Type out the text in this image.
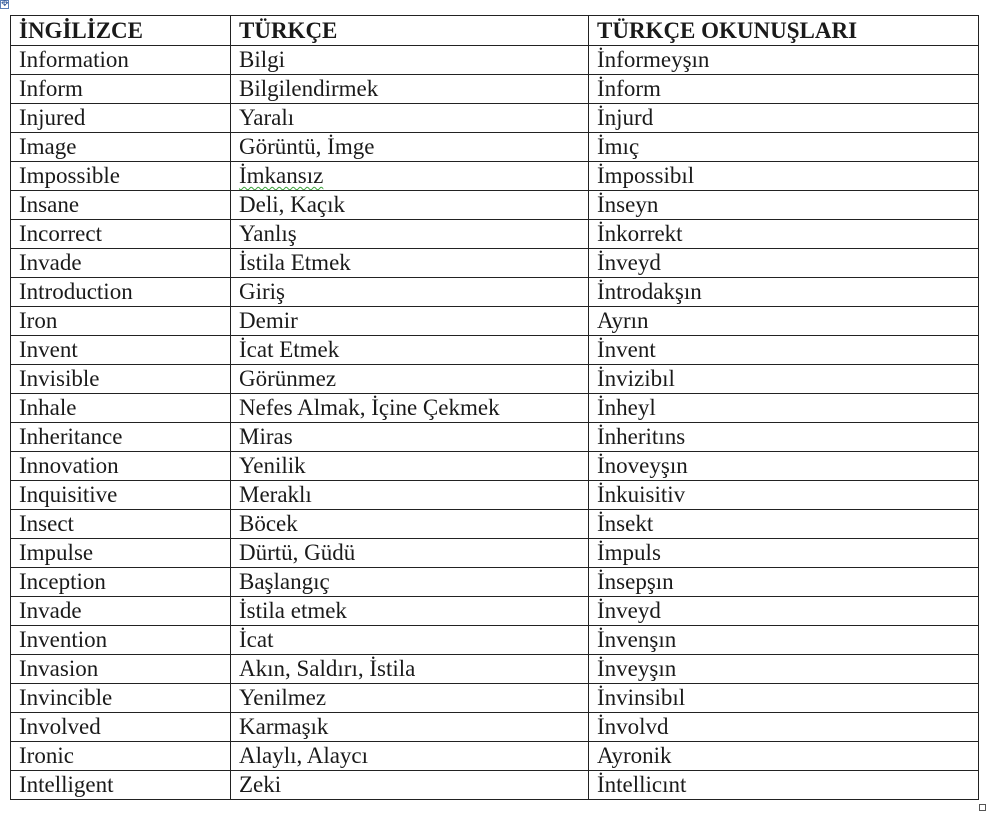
✥
İNGİLİZCE	TÜRKÇE	TÜRKÇE OKUNUŞLARI
Information	Bilgi	İnformeyşın
Inform	Bilgilendirmek	İnform
Injured	Yaralı	İnjurd
Image	Görüntü, İmge	İmıç
Impossible	İmkansız	İmpossibıl
Insane	Deli, Kaçık	İnseyn
Incorrect	Yanlış	İnkorrekt
Invade	İstila Etmek	İnveyd
Introduction	Giriş	İntrodakşın
Iron	Demir	Ayrın
Invent	İcat Etmek	İnvent
Invisible	Görünmez	İnvizibıl
Inhale	Nefes Almak, İçine Çekmek	İnheyl
Inheritance	Miras	İnheritıns
Innovation	Yenilik	İnoveyşın
Inquisitive	Meraklı	İnkuisitiv
Insect	Böcek	İnsekt
Impulse	Dürtü, Güdü	İmpuls
Inception	Başlangıç	İnsepşın
Invade	İstila etmek	İnveyd
Invention	İcat	İnvenşın
Invasion	Akın, Saldırı, İstila	İnveyşın
Invincible	Yenilmez	İnvinsibıl
Involved	Karmaşık	İnvolvd
Ironic	Alaylı, Alaycı	Ayronik
Intelligent	Zeki	İntellicınt
